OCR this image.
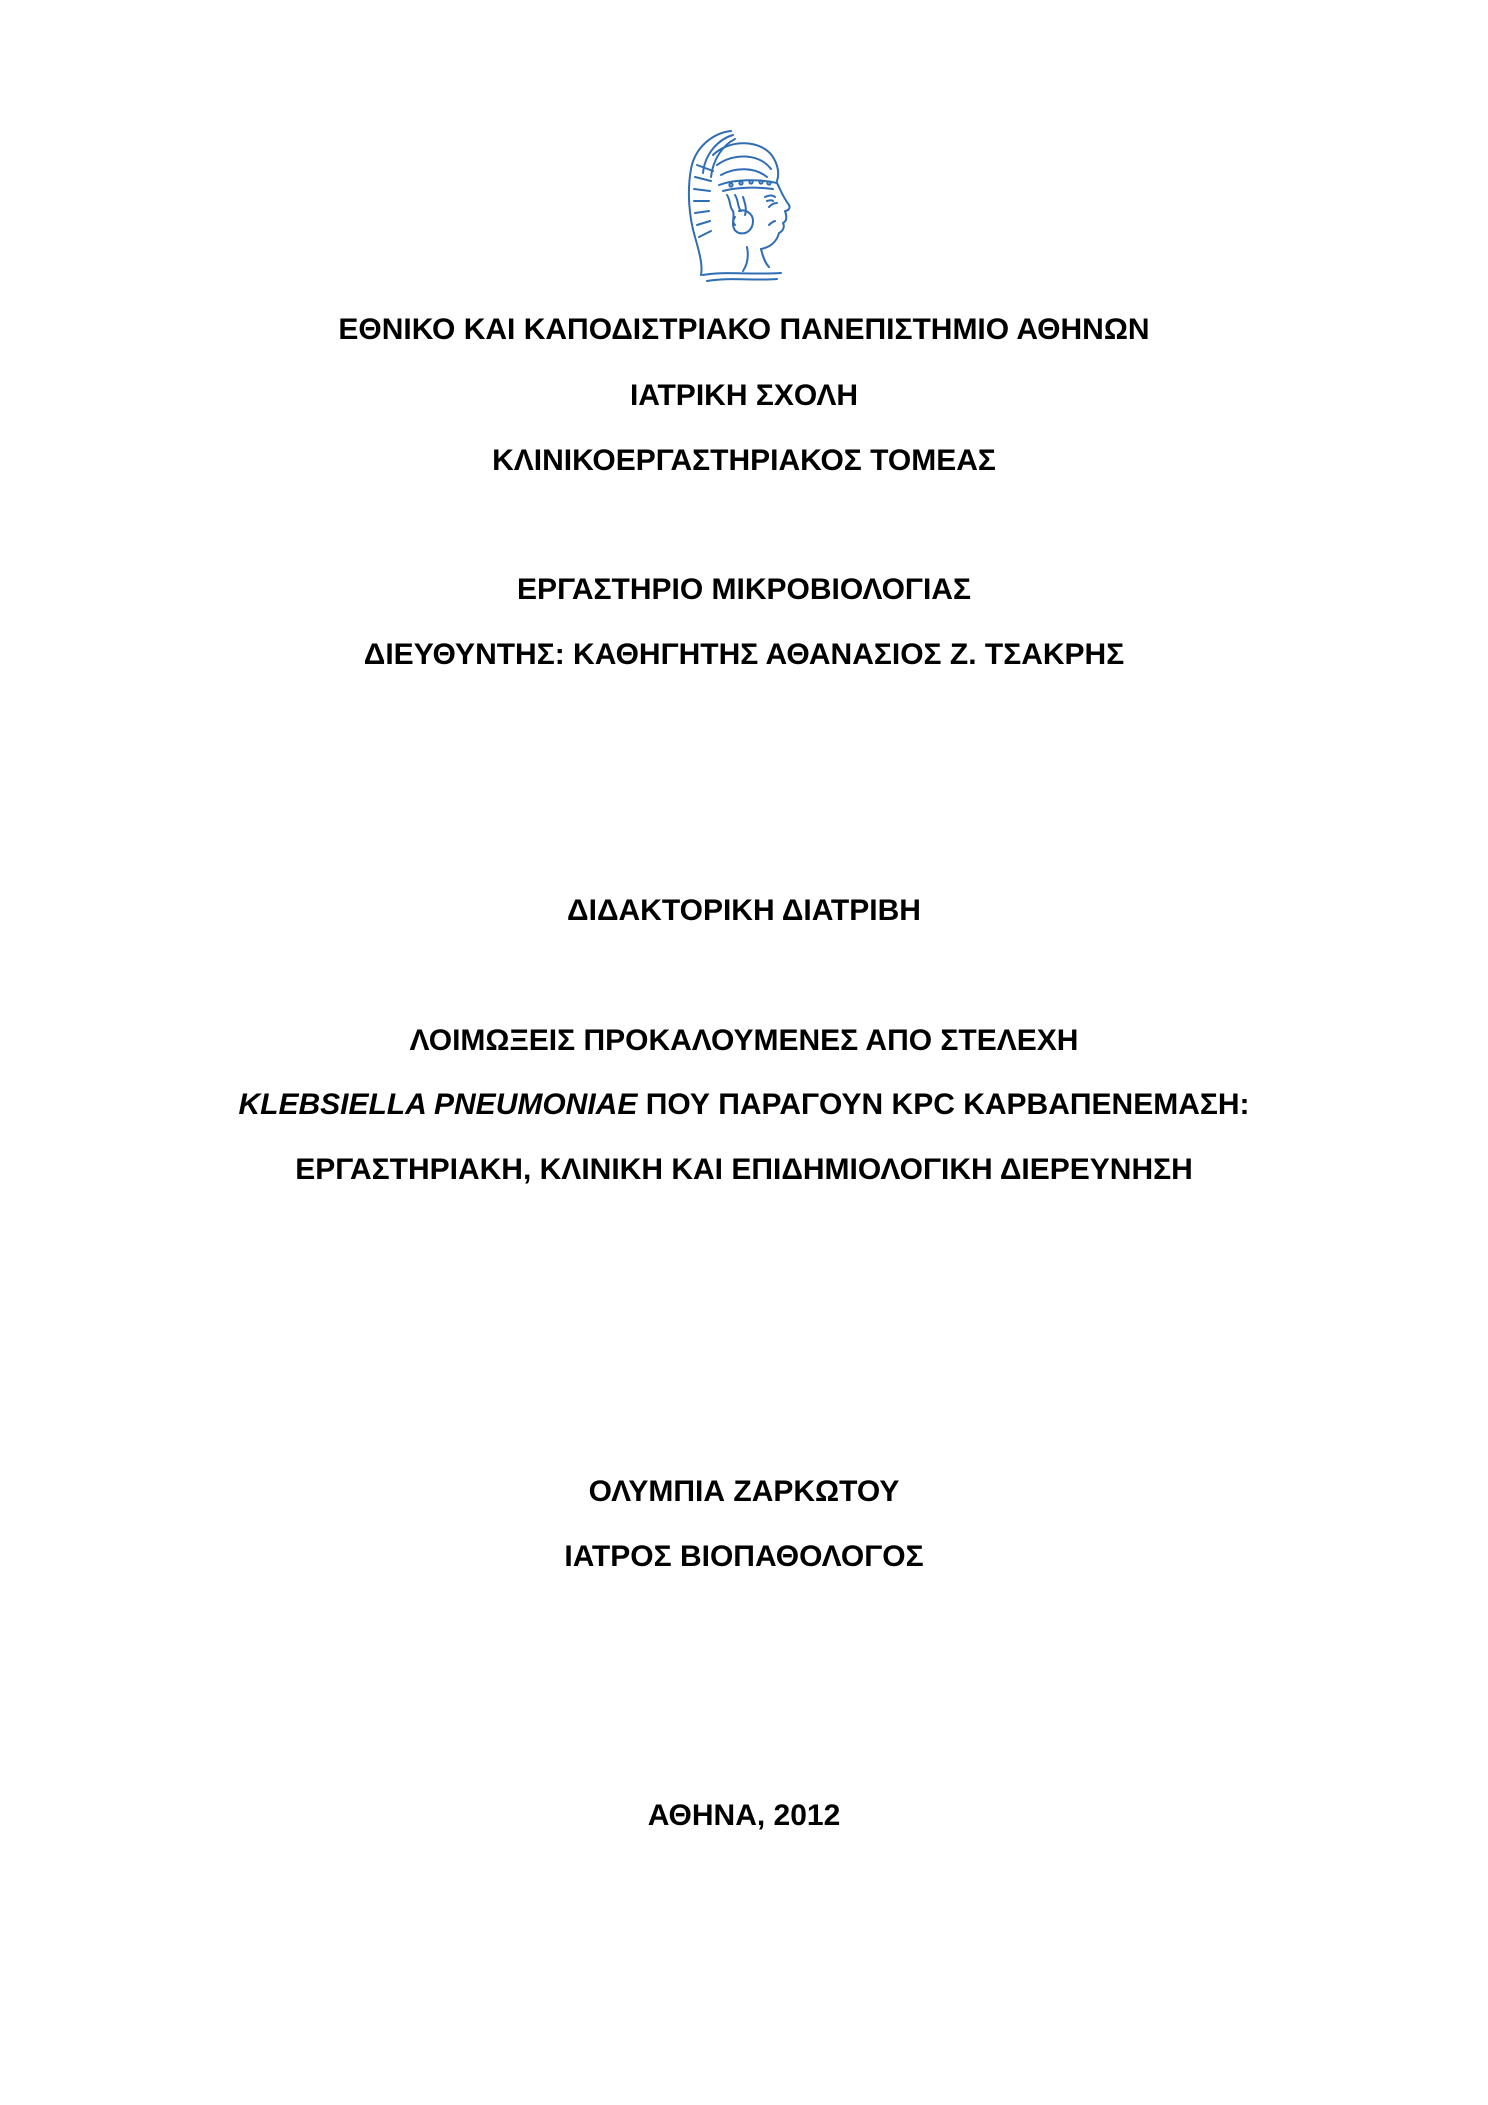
ΕΘΝΙΚΟ ΚΑΙ ΚΑΠΟΔΙΣΤΡΙΑΚΟ ΠΑΝΕΠΙΣΤΗΜΙΟ ΑΘΗΝΩΝ
ΙΑΤΡΙΚΗ ΣΧΟΛΗ
ΚΛΙΝΙΚΟΕΡΓΑΣΤΗΡΙΑΚΟΣ ΤΟΜΕΑΣ
ΕΡΓΑΣΤΗΡΙΟ ΜΙΚΡΟΒΙΟΛΟΓΙΑΣ
ΔΙΕΥΘΥΝΤΗΣ: ΚΑΘΗΓΗΤΗΣ ΑΘΑΝΑΣΙΟΣ Ζ. ΤΣΑΚΡΗΣ
ΔΙΔΑΚΤΟΡΙΚΗ ΔΙΑΤΡΙΒΗ
ΛΟΙΜΩΞΕΙΣ ΠΡΟΚΑΛΟΥΜΕΝΕΣ ΑΠΟ ΣΤΕΛΕΧΗ
KLEBSIELLA PNEUMONIAE ΠΟΥ ΠΑΡΑΓΟΥΝ KPC ΚΑΡΒΑΠΕΝΕΜΑΣΗ:
ΕΡΓΑΣΤΗΡΙΑΚΗ, ΚΛΙΝΙΚΗ ΚΑΙ ΕΠΙΔΗΜΙΟΛΟΓΙΚΗ ΔΙΕΡΕΥΝΗΣΗ
ΟΛΥΜΠΙΑ ΖΑΡΚΩΤΟΥ
ΙΑΤΡΟΣ ΒΙΟΠΑΘΟΛΟΓΟΣ
ΑΘΗΝΑ, 2012
